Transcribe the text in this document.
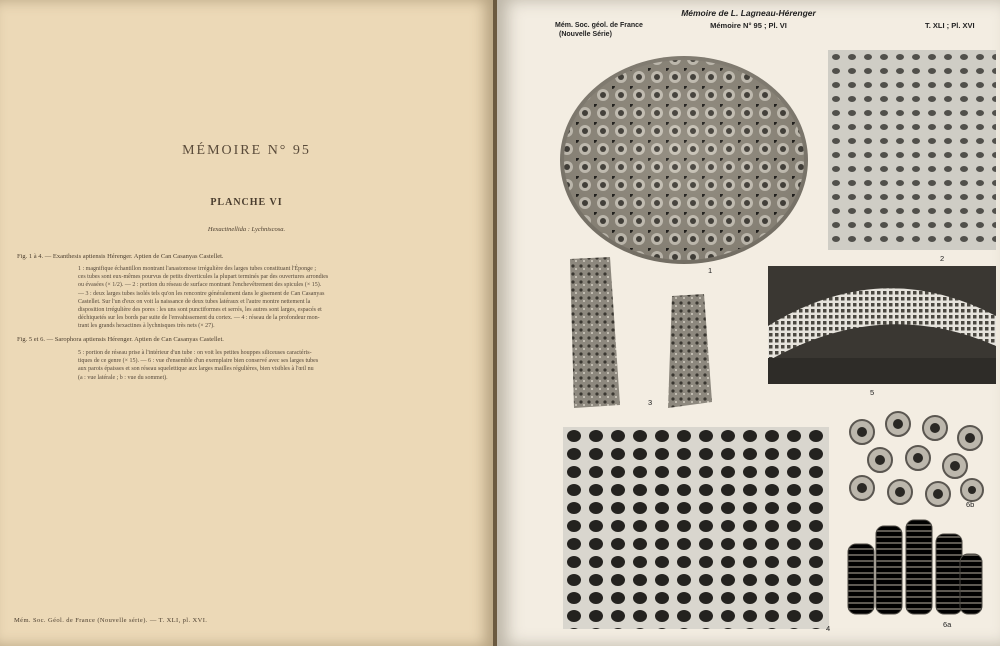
MÉMOIRE N° 95
PLANCHE VI
Hexactinellida : Lychniscosa.
Fig. 1 à 4. — Exanthesis aptiensis Hérenger. Aptien de Can Casanyas Castellet.
1 : magnifique échantillon montrant l'anastomose irrégulière des larges tubes constituant l'Éponge ;
ces tubes sont eux-mêmes pourvus de petits diverticules la plupart terminés par des ouvertures arrondies
ou évasées (× 1/2). — 2 : portion du réseau de surface montrant l'enchevêtrement des spicules (× 15).
— 3 : deux larges tubes isolés tels qu'on les rencontre généralement dans le gisement de Can Casanyas
Castellet. Sur l'un d'eux on voit la naissance de deux tubes latéraux et l'autre montre nettement la
disposition irrégulière des pores : les uns sont punctiformes et serrés, les autres sont larges, espacés et
déchiquetés sur les bords par suite de l'envahissement du cortex. — 4 : réseau de la profondeur mon-
trant les grands hexactines à lychnisques très nets (× 27).
Fig. 5 et 6. — Sarophora aptiensis Hérenger. Aptien de Can Casanyas Castellet.
5 : portion de réseau prise à l'intérieur d'un tube : on voit les petites houppes siliceuses caractéris-
tiques de ce genre (× 15). — 6 : vue d'ensemble d'un exemplaire bien conservé avec ses larges tubes
aux parois épaisses et son réseau squelettique aux larges mailles régulières, bien visibles à l'œil nu
(a : vue latérale ; b : vue du sommet).
Mém. Soc. Géol. de France (Nouvelle série). — T. XLI, pl. XVI.
Mémoire de L. Lagneau-Hérenger
Mémoire N° 95 ; Pl. VI
Mém. Soc. géol. de France
(Nouvelle Série)
T. XLI ; Pl. XVI
1
2
3
5
4
6b
6a
